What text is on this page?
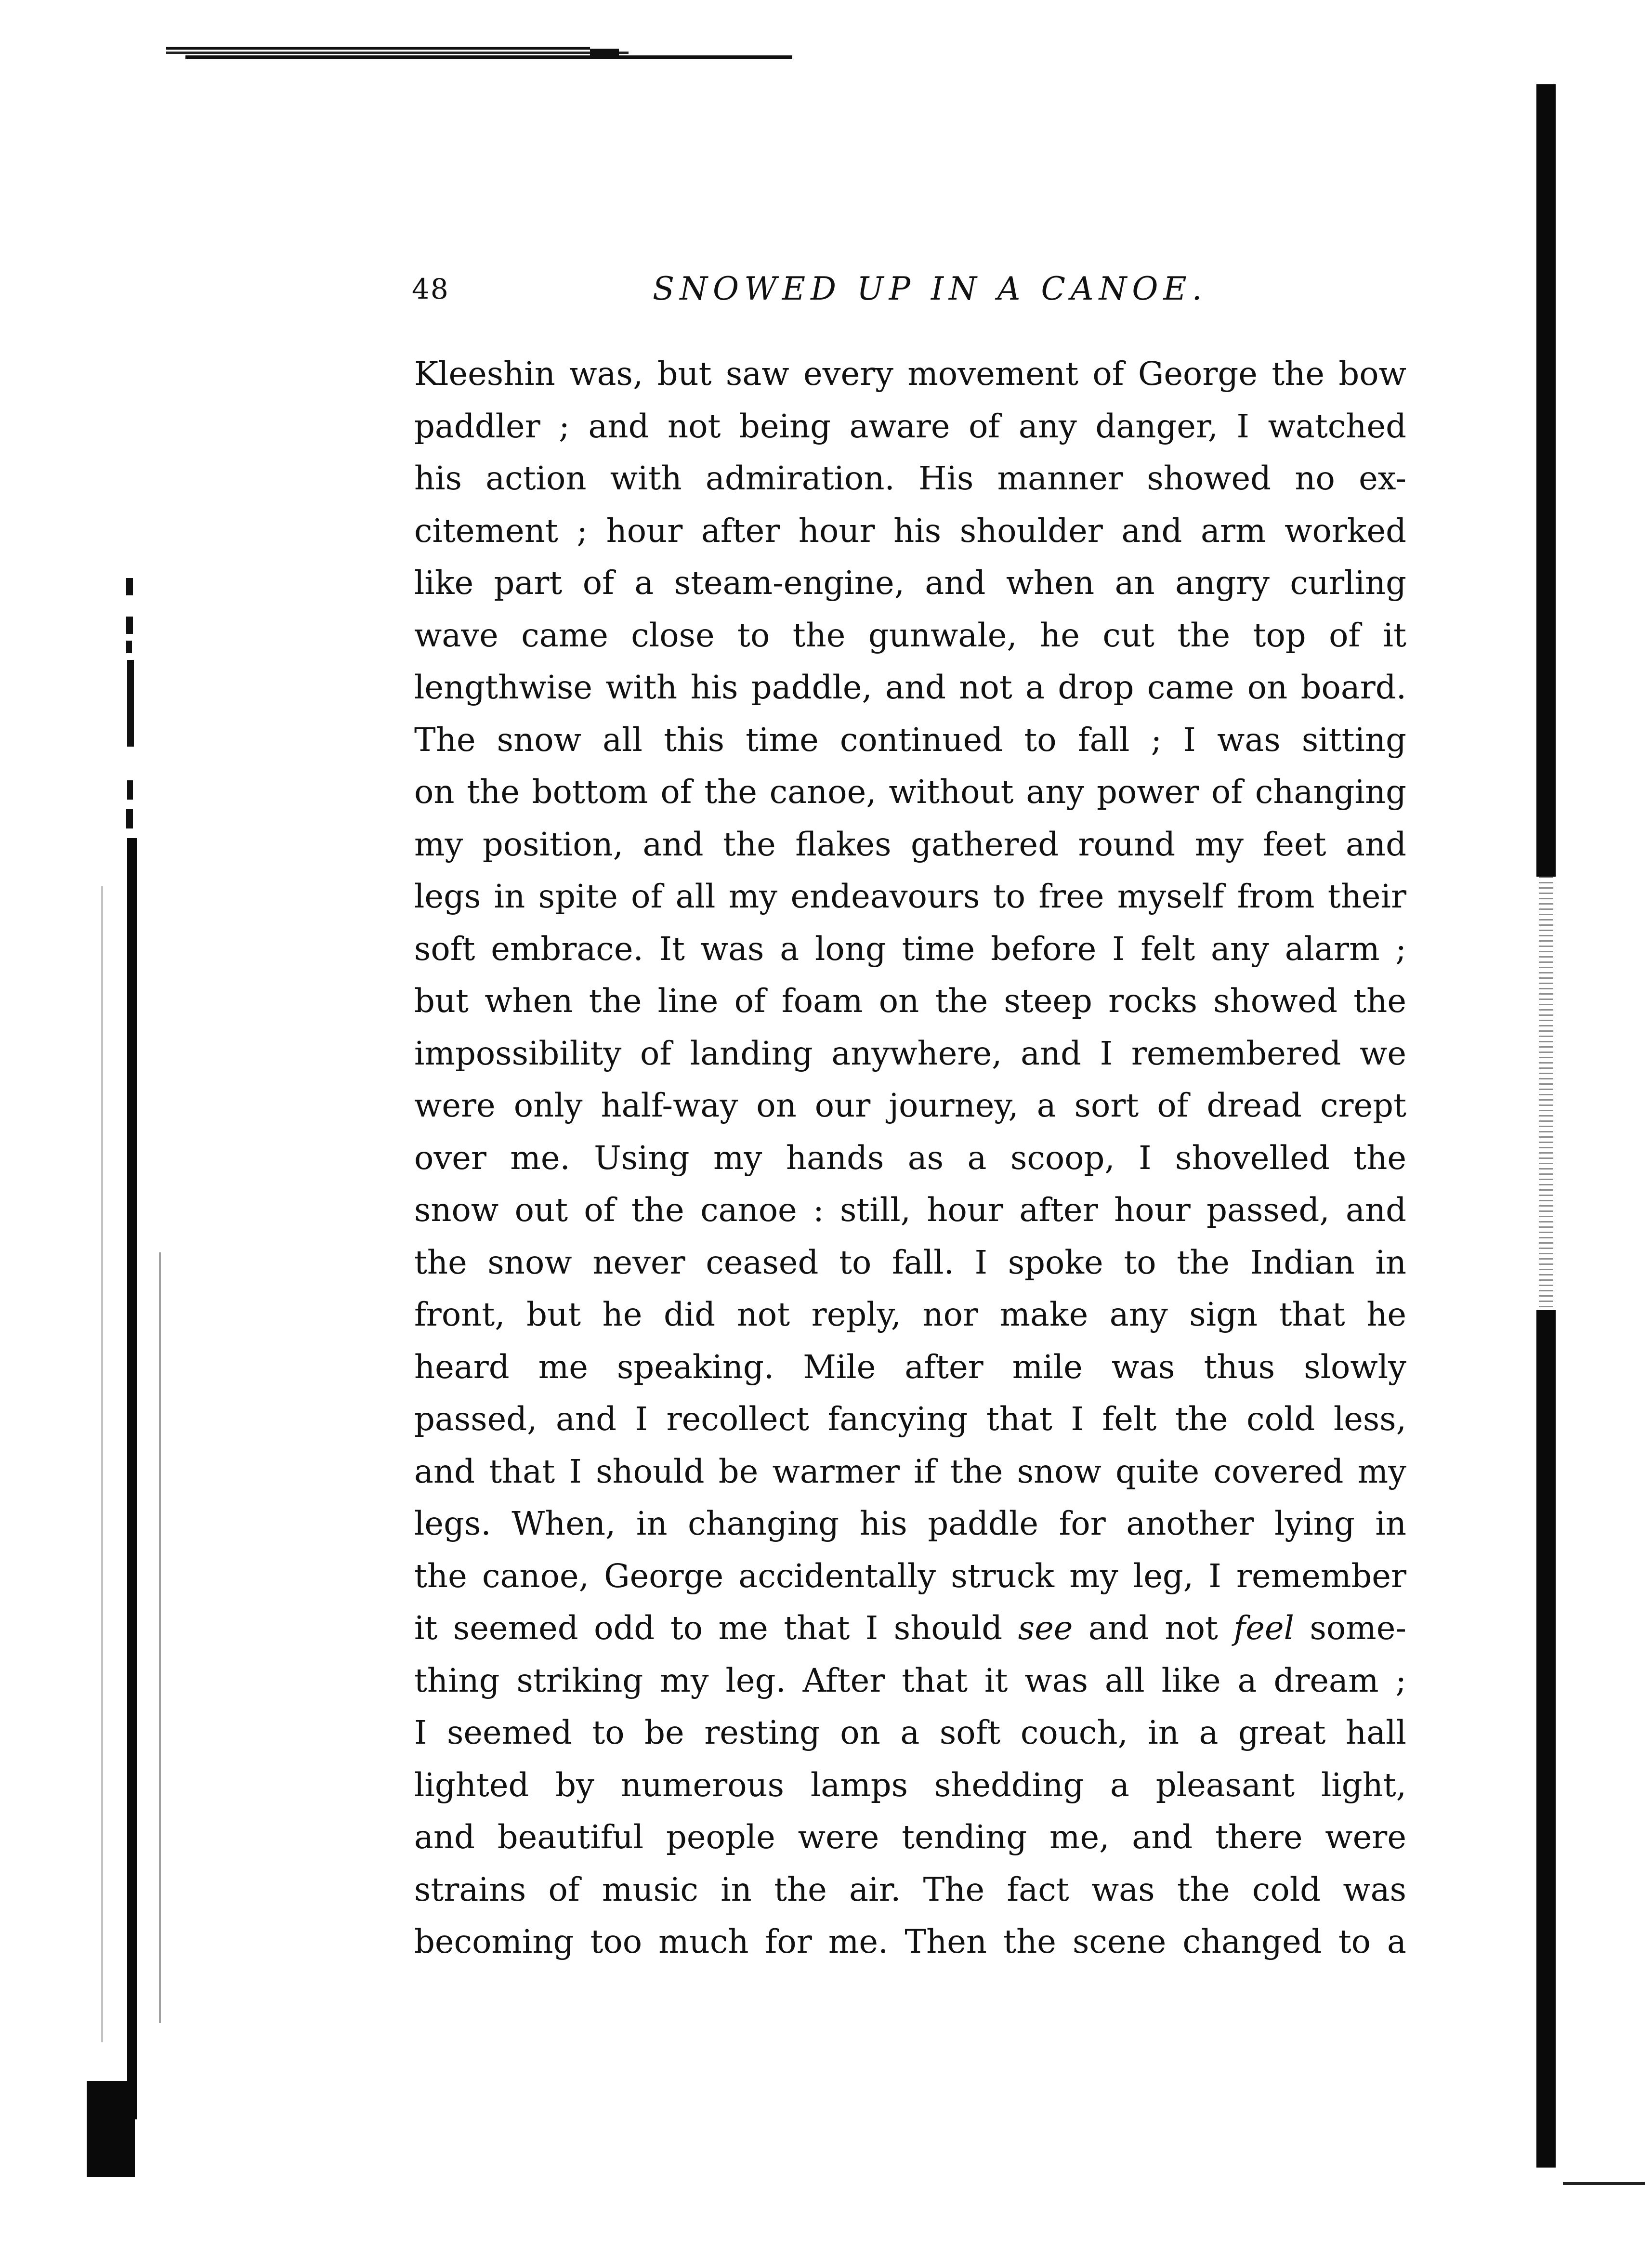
48	SNOWED UP IN A CANOE.
Kleeshin was, but saw every movement of George the bow
paddler ; and not being aware of any danger, I watched
his action with admiration. His manner showed no ex-
citement ; hour after hour his shoulder and arm worked
like part of a steam-engine, and when an angry curling
wave came close to the gunwale, he cut the top of it
lengthwise with his paddle, and not a drop came on board.
The snow all this time continued to fall ; I was sitting
on the bottom of the canoe, without any power of changing
my position, and the flakes gathered round my feet and
legs in spite of all my endeavours to free myself from their
soft embrace. It was a long time before I felt any alarm ;
but when the line of foam on the steep rocks showed the
impossibility of landing anywhere, and I remembered we
were only half-way on our journey, a sort of dread crept
over me. Using my hands as a scoop, I shovelled the
snow out of the canoe : still, hour after hour passed, and
the snow never ceased to fall. I spoke to the Indian in
front, but he did not reply, nor make any sign that he
heard me speaking. Mile after mile was thus slowly
passed, and I recollect fancying that I felt the cold less,
and that I should be warmer if the snow quite covered my
legs. When, in changing his paddle for another lying in
the canoe, George accidentally struck my leg, I remember
it seemed odd to me that I should see and not feel some-
thing striking my leg. After that it was all like a dream ;
I seemed to be resting on a soft couch, in a great hall
lighted by numerous lamps shedding a pleasant light,
and beautiful people were tending me, and there were
strains of music in the air. The fact was the cold was
becoming too much for me. Then the scene changed to a
